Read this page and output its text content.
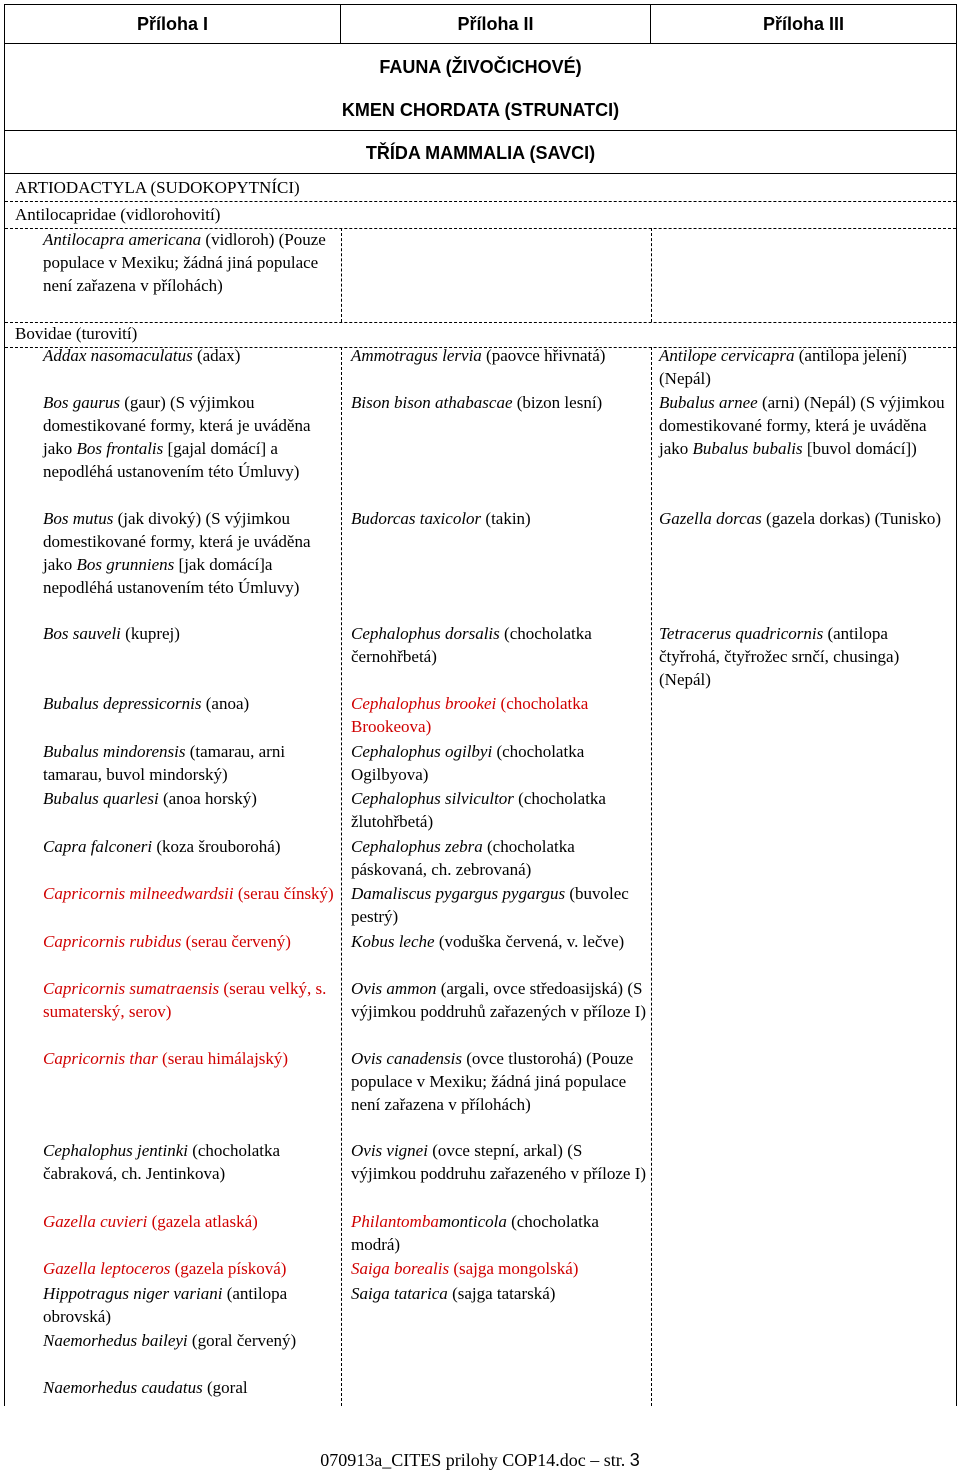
Příloha I	Příloha II	Příloha III
FAUNA (ŽIVOČICHOVÉ)
KMEN CHORDATA (STRUNATCI)
TŘÍDA MAMMALIA (SAVCI)
ARTIODACTYLA (SUDOKOPYTNÍCI)
Antilocapridae (vidlorohovití)
Antilocapra americana (vidloroh) (Pouze populace v Mexiku; žádná jiná populace není zařazena v přílohách)
Bovidae (turovití)
Addax nasomaculatus (adax)
Bos gaurus (gaur) (S výjimkou domestikované formy, která je uváděna jako Bos frontalis [gajal domácí] a nepodléhá ustanovením této Úmluvy)
Bos mutus (jak divoký) (S výjimkou domestikované formy, která je uváděna jako Bos grunniens [jak domácí]a nepodléhá ustanovením této Úmluvy)
Bos sauveli (kuprej)
Bubalus depressicornis (anoa)
Bubalus mindorensis (tamarau, arni tamarau, buvol mindorský)
Bubalus quarlesi (anoa horský)
Capra falconeri (koza šrouborohá)
Capricornis milneedwardsii (serau čínský)
Capricornis rubidus (serau červený)
Capricornis sumatraensis (serau velký, s. sumaterský, serov)
Capricornis thar (serau himálajský)
Cephalophus jentinki (chocholatka čabraková, ch. Jentinkova)
Gazella cuvieri (gazela atlaská)
Gazella leptoceros (gazela písková)
Hippotragus niger variani (antilopa obrovská)
Naemorhedus baileyi (goral červený)
Naemorhedus caudatus (goral
Ammotragus lervia (paovce hřivnatá)
Bison bison athabascae (bizon lesní)
Budorcas taxicolor (takin)
Cephalophus dorsalis (chocholatka černohřbetá)
Cephalophus brookei (chocholatka Brookeova)
Cephalophus ogilbyi (chocholatka Ogilbyova)
Cephalophus silvicultor (chocholatka žlutohřbetá)
Cephalophus zebra (chocholatka páskovaná, ch. zebrovaná)
Damaliscus pygargus pygargus (buvolec pestrý)
Kobus leche (voduška červená, v. lečve)
Ovis ammon (argali, ovce středoasijská) (S výjimkou poddruhů zařazených v příloze I)
Ovis canadensis (ovce tlustorohá) (Pouze populace v Mexiku; žádná jiná populace není zařazena v přílohách)
Ovis vignei (ovce stepní, arkal) (S výjimkou poddruhu zařazeného v příloze I)
Philantombamonticola (chocholatka modrá)
Saiga borealis (sajga mongolská)
Saiga tatarica (sajga tatarská)
Antilope cervicapra (antilopa jelení) (Nepál)
Bubalus arnee (arni) (Nepál) (S výjimkou domestikované formy, která je uváděna jako Bubalus bubalis [buvol domácí])
Gazella dorcas (gazela dorkas) (Tunisko)
Tetracerus quadricornis (antilopa čtyřrohá, čtyřrožec srnčí, chusinga) (Nepál)
070913a_CITES prilohy COP14.doc – str. 3
